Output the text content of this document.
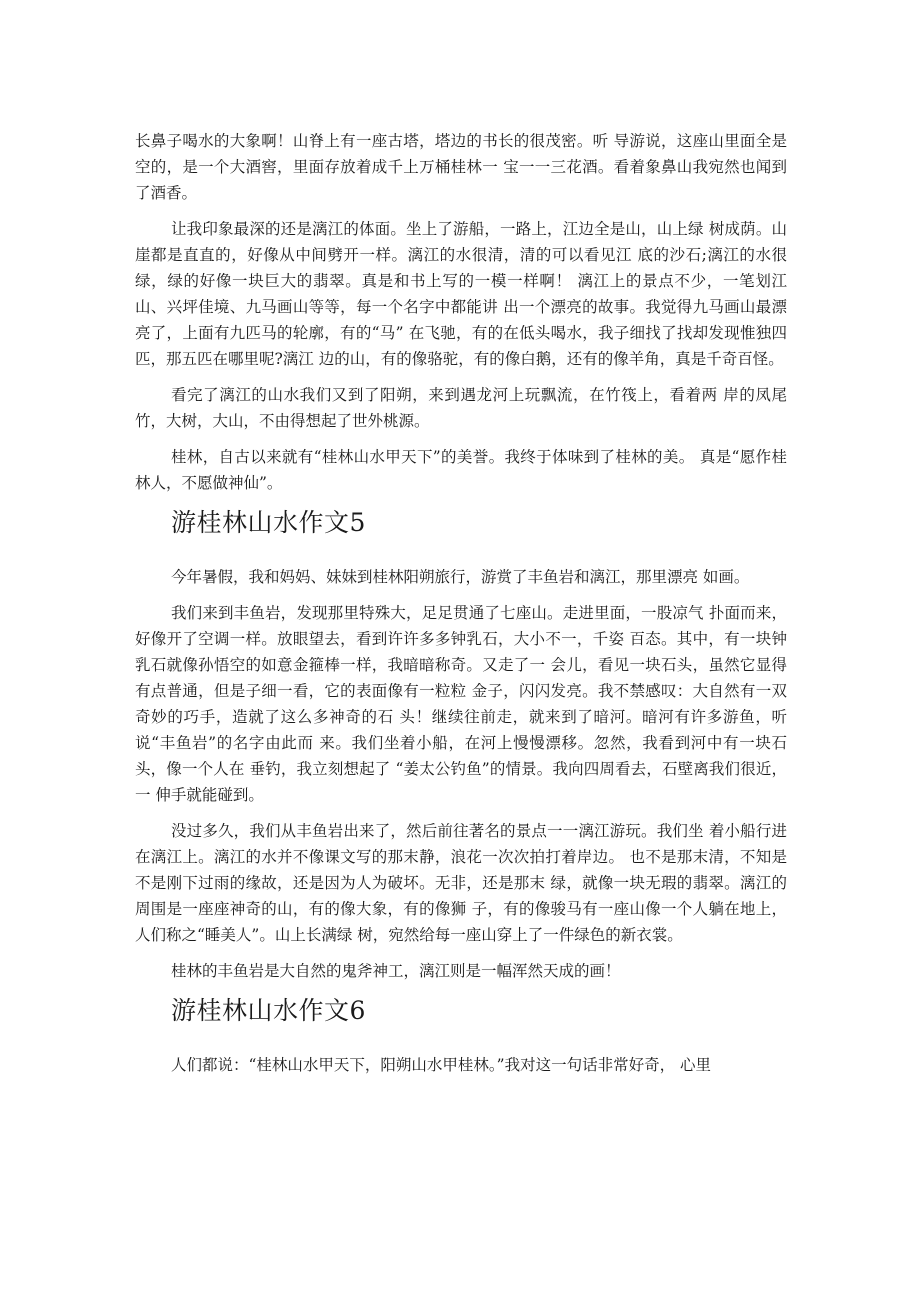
长鼻子喝水的大象啊！山脊上有一座古塔，塔边的书长的很茂密。听 导游说，这座山里面全是空的，是一个大酒窖，里面存放着成千上万桶桂林一 宝一一三花酒。看着象鼻山我宛然也闻到了酒香。

让我印象最深的还是漓江的体面。坐上了游船，一路上，江边全是山，山上绿 树成荫。山崖都是直直的，好像从中间劈开一样。漓江的水很清，清的可以看见江 底的沙石;漓江的水很绿，绿的好像一块巨大的翡翠。真是和书上写的一模一样啊！ 漓江上的景点不少，一笔划江山、兴坪佳境、九马画山等等，每一个名字中都能讲 出一个漂亮的故事。我觉得九马画山最漂亮了，上面有九匹马的轮廓，有的“马” 在飞驰，有的在低头喝水，我子细找了找却发现惟独四匹，那五匹在哪里呢?漓江 边的山，有的像骆驼，有的像白鹅，还有的像羊角，真是千奇百怪。

看完了漓江的山水我们又到了阳朔，来到遇龙河上玩飘流，在竹筏上，看着两 岸的凤尾竹，大树，大山，不由得想起了世外桃源。

桂林，自古以来就有“桂林山水甲天下”的美誉。我终于体味到了桂林的美。 真是“愿作桂林人，不愿做神仙”。

游桂林山水作文5

今年暑假，我和妈妈、妹妹到桂林阳朔旅行，游赏了丰鱼岩和漓江，那里漂亮 如画。

我们来到丰鱼岩，发现那里特殊大，足足贯通了七座山。走进里面，一股凉气 扑面而来，好像开了空调一样。放眼望去，看到许许多多钟乳石，大小不一，千姿 百态。其中，有一块钟乳石就像孙悟空的如意金箍棒一样，我暗暗称奇。又走了一 会儿，看见一块石头，虽然它显得有点普通，但是子细一看，它的表面像有一粒粒 金子，闪闪发亮。我不禁感叹：大自然有一双奇妙的巧手，造就了这么多神奇的石 头！继续往前走，就来到了暗河。暗河有许多游鱼，听说“丰鱼岩”的名字由此而 来。我们坐着小船，在河上慢慢漂移。忽然，我看到河中有一块石头，像一个人在 垂钓，我立刻想起了 “姜太公钓鱼”的情景。我向四周看去，石壁离我们很近，一 伸手就能碰到。

没过多久，我们从丰鱼岩出来了，然后前往著名的景点一一漓江游玩。我们坐 着小船行进在漓江上。漓江的水并不像课文写的那末静，浪花一次次拍打着岸边。 也不是那末清，不知是不是刚下过雨的缘故，还是因为人为破坏。无非，还是那末 绿，就像一块无瑕的翡翠。漓江的周围是一座座神奇的山，有的像大象，有的像狮 子，有的像骏马有一座山像一个人躺在地上，人们称之“睡美人”。山上长满绿 树，宛然给每一座山穿上了一件绿色的新衣裳。

桂林的丰鱼岩是大自然的鬼斧神工，漓江则是一幅浑然天成的画！

游桂林山水作文6

人们都说：“桂林山水甲天下，阳朔山水甲桂林。”我对这一句话非常好奇， 心里
